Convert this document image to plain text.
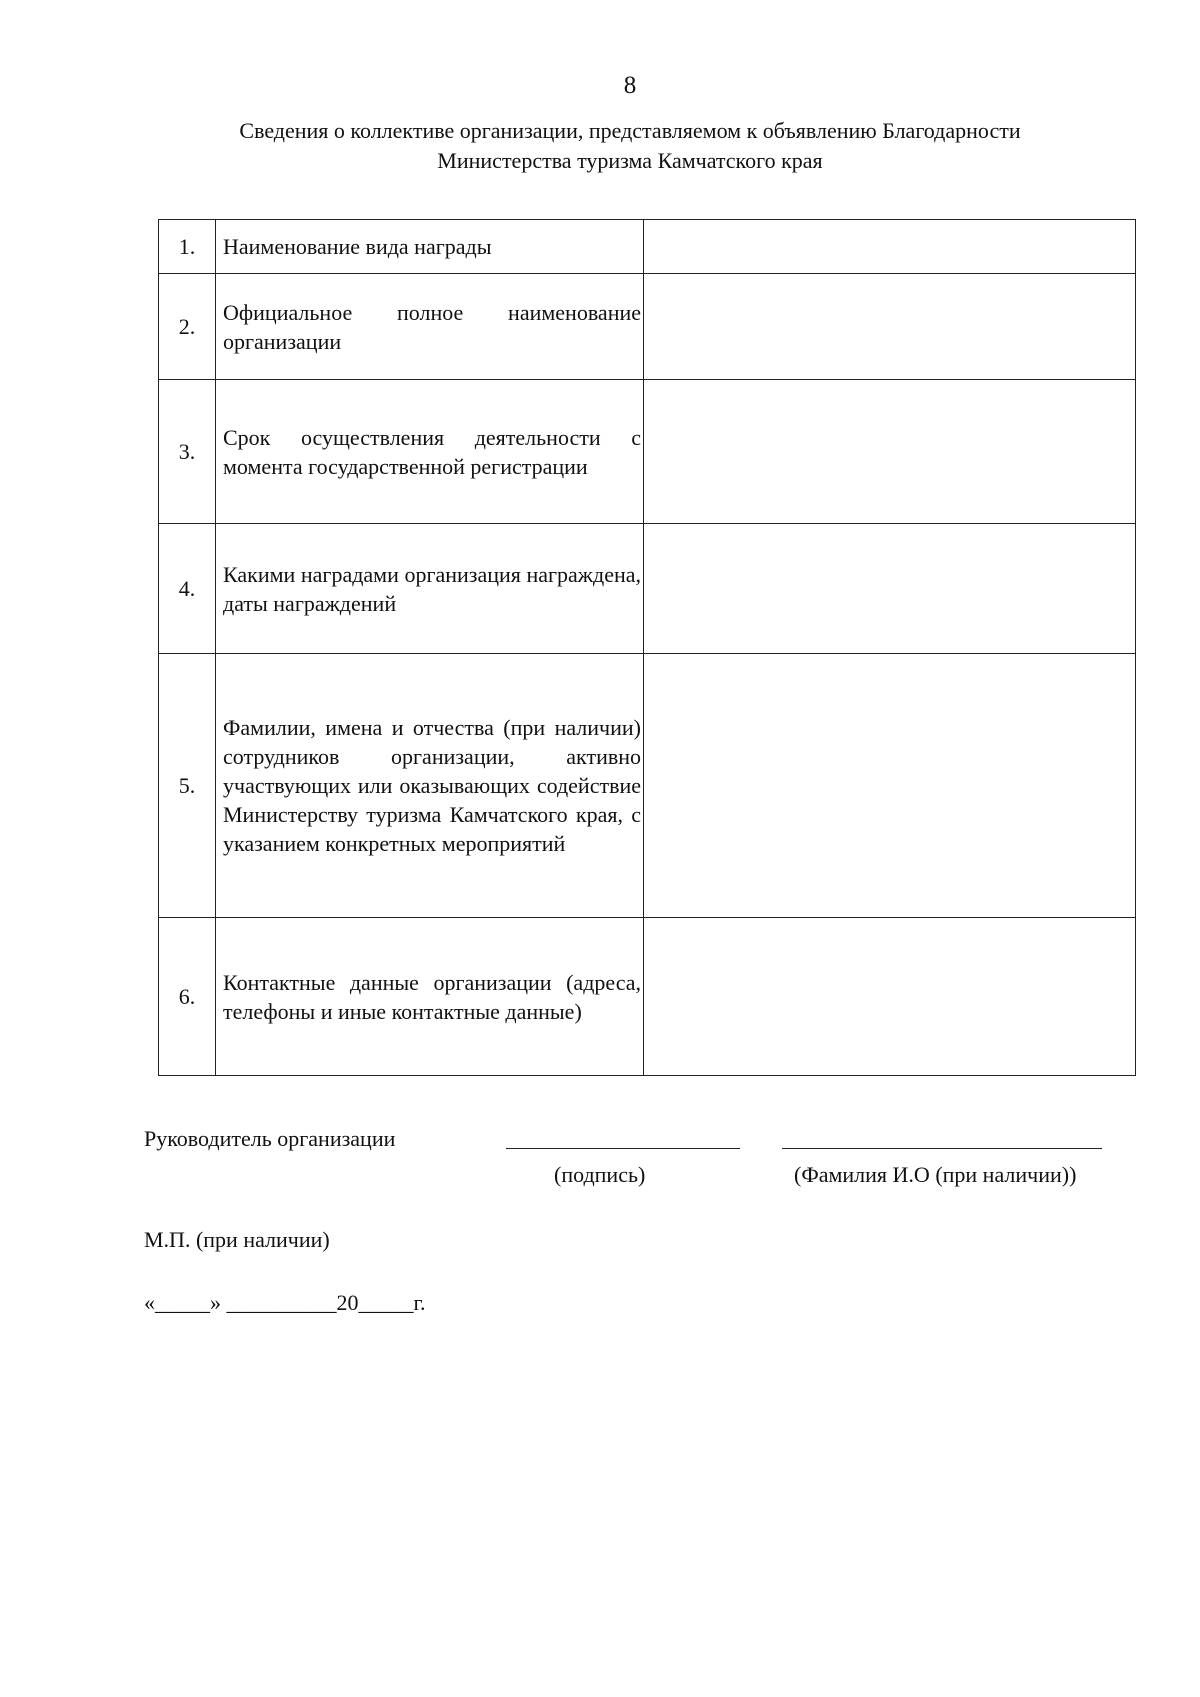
8
Сведения о коллективе организации, представляемом к объявлению Благодарности
Министерства туризма Камчатского края
1.	Наименование вида награды	

2.	Официальное полное наименование организации	

3.	Срок осуществления деятельности с момента государственной регистрации	

4.	Какими наградами организация награждена, даты награждений	

5.	Фамилии, имена и отчества (при наличии) сотрудников организации, активно участвующих или оказывающих содействие Министерству туризма Камчатского края, с указанием конкретных мероприятий	

6.	Контактные данные организации (адреса, телефоны и иные контактные данные)	

Руководитель организации
(подпись)	(Фамилия И.О (при наличии))
М.П. (при наличии)
«_____» __________20_____г.
